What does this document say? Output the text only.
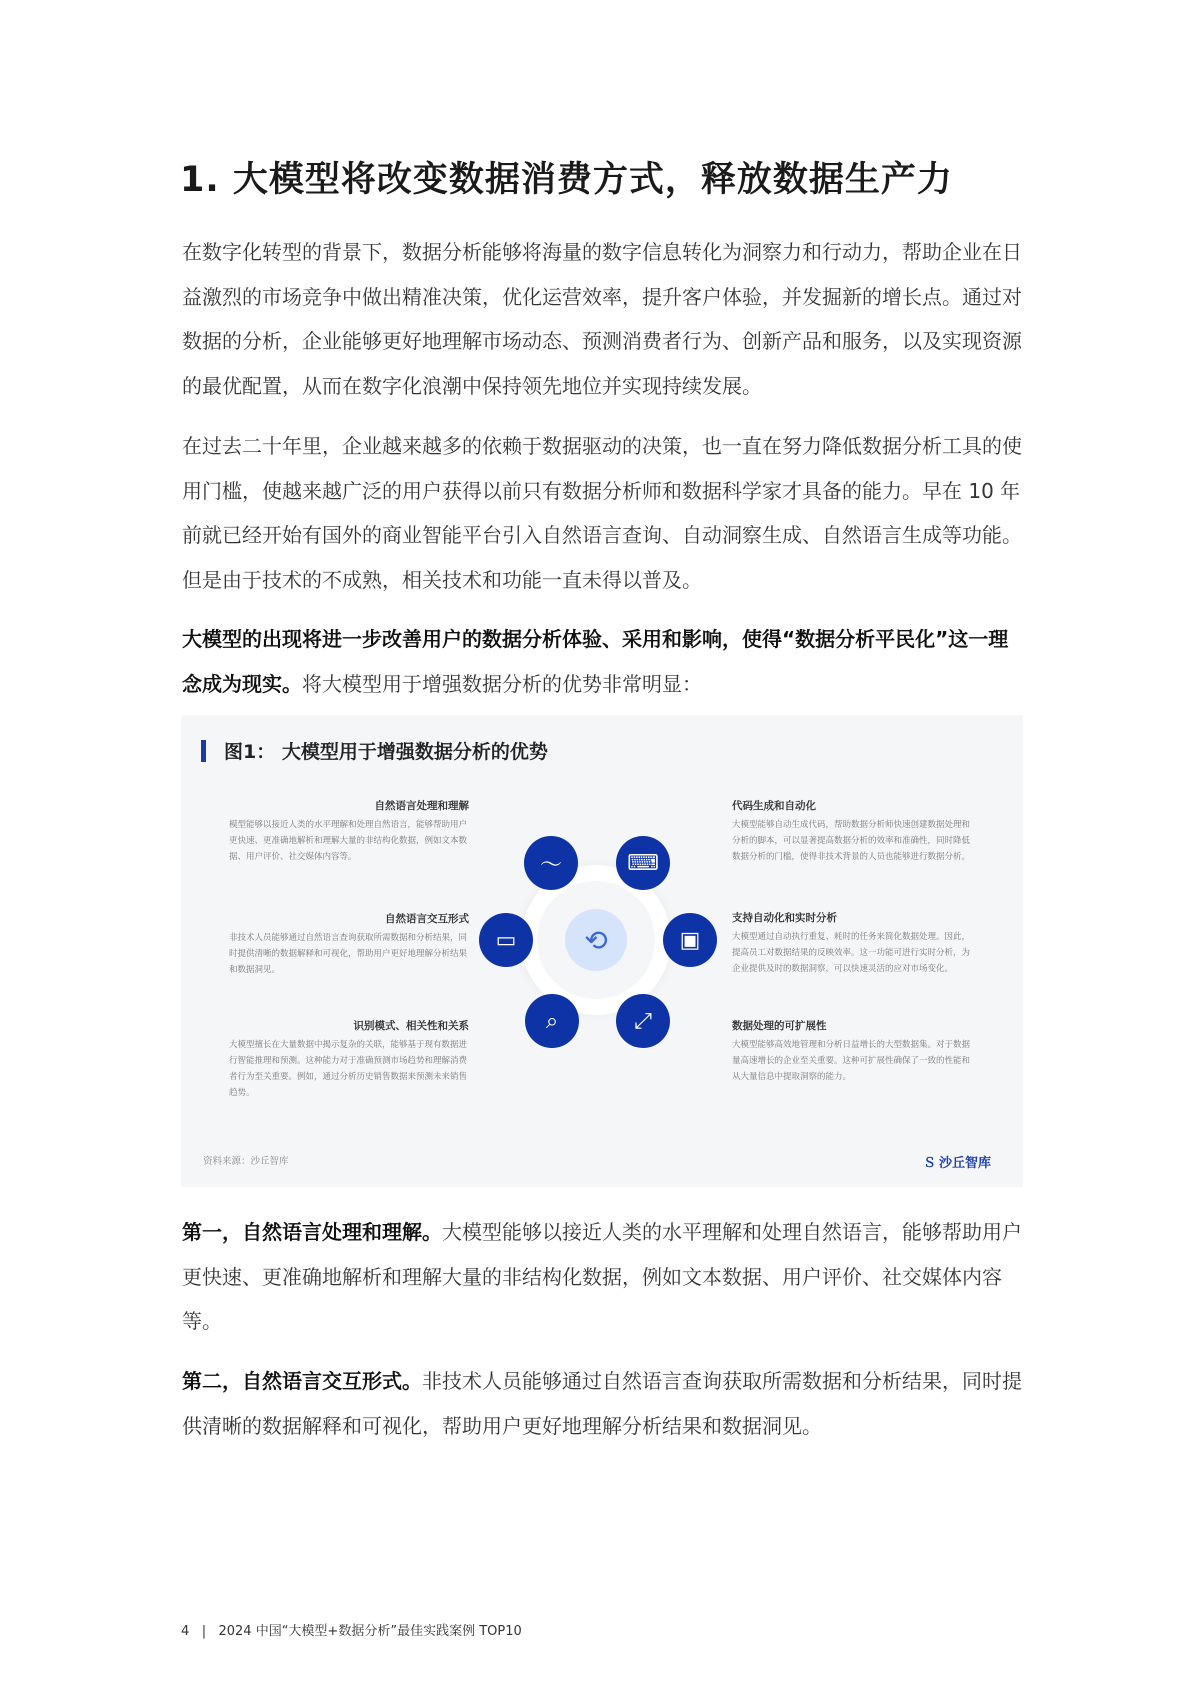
1. 大模型将改变数据消费方式，释放数据生产力
在数字化转型的背景下，数据分析能够将海量的数字信息转化为洞察力和行动力，帮助企业在日益激烈的市场竞争中做出精准决策，优化运营效率，提升客户体验，并发掘新的增长点。通过对数据的分析，企业能够更好地理解市场动态、预测消费者行为、创新产品和服务，以及实现资源的最优配置，从而在数字化浪潮中保持领先地位并实现持续发展。
在过去二十年里，企业越来越多的依赖于数据驱动的决策，也一直在努力降低数据分析工具的使用门槛，使越来越广泛的用户获得以前只有数据分析师和数据科学家才具备的能力。早在 10 年前就已经开始有国外的商业智能平台引入自然语言查询、自动洞察生成、自然语言生成等功能。但是由于技术的不成熟，相关技术和功能一直未得以普及。
大模型的出现将进一步改善用户的数据分析体验、采用和影响，使得“数据分析平民化”这一理念成为现实。将大模型用于增强数据分析的优势非常明显：
图1： 大模型用于增强数据分析的优势
自然语言处理和理解
模型能够以接近人类的水平理解和处理自然语言，能够帮助用户更快速、更准确地解析和理解大量的非结构化数据，例如文本数据、用户评价、社交媒体内容等。
自然语言交互形式
非技术人员能够通过自然语言查询获取所需数据和分析结果，同时提供清晰的数据解释和可视化，帮助用户更好地理解分析结果和数据洞见。
识别模式、相关性和关系
大模型擅长在大量数据中揭示复杂的关联，能够基于现有数据进行智能推理和预测。这种能力对于准确预测市场趋势和理解消费者行为至关重要。例如，通过分析历史销售数据来预测未来销售趋势。
代码生成和自动化
大模型能够自动生成代码，帮助数据分析师快速创建数据处理和分析的脚本，可以显著提高数据分析的效率和准确性，同时降低数据分析的门槛，使得非技术背景的人员也能够进行数据分析。
支持自动化和实时分析
大模型通过自动执行重复、耗时的任务来简化数据处理。因此，提高员工对数据结果的反映效率。这一功能可进行实时分析，为企业提供及时的数据洞察，可以快速灵活的应对市场变化。
数据处理的可扩展性
大模型能够高效地管理和分析日益增长的大型数据集。对于数据量高速增长的企业至关重要。这种可扩展性确保了一致的性能和从大量信息中提取洞察的能力。
⟲
〜	⌨
▭	▣
⌕	⤢
资料来源：沙丘智库	Ｓ 沙丘智库
第一，自然语言处理和理解。大模型能够以接近人类的水平理解和处理自然语言，能够帮助用户更快速、更准确地解析和理解大量的非结构化数据，例如文本数据、用户评价、社交媒体内容等。
第二，自然语言交互形式。非技术人员能够通过自然语言查询获取所需数据和分析结果，同时提供清晰的数据解释和可视化，帮助用户更好地理解分析结果和数据洞见。
4 | 2024 中国“大模型+数据分析”最佳实践案例 TOP10
